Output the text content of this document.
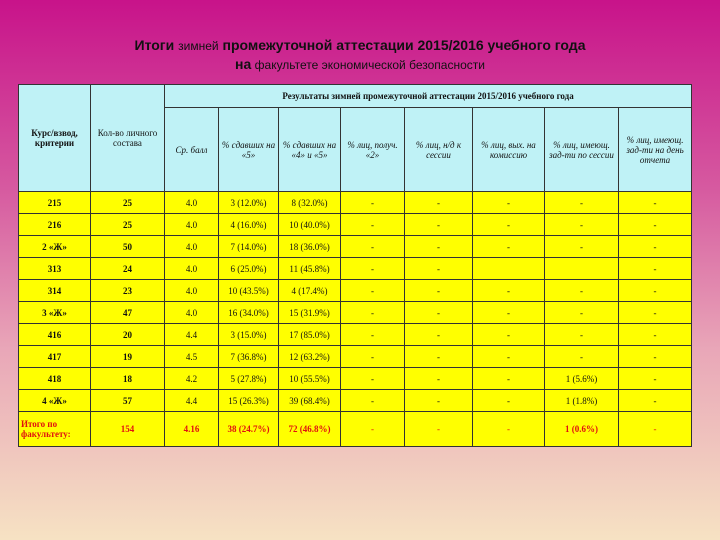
Итоги зимней промежуточной аттестации 2015/2016 учебного года
на факультете экономической безопасности
Курс/взвод, критерии	Кол-во личного состава	Результаты зимней промежуточной аттестации 2015/2016 учебного года							
		Ср. балл	% сдавших на «5»	% сдавших на «4» и «5»	% лиц, получ. «2»	% лиц, н/д к сессии	% лиц, вых. на комиссию	% лиц, имеющ. зад-ти по сессии	% лиц, имеющ. зад-ти на день отчета
215	25	4.0	3 (12.0%)	8 (32.0%)	-	-	-	-	-
216	25	4.0	4 (16.0%)	10 (40.0%)	-	-	-	-	-
2 «Ж»	50	4.0	7 (14.0%)	18 (36.0%)	-	-	-	-	-
313	24	4.0	6 (25.0%)	11 (45.8%)	-	-			-
314	23	4.0	10 (43.5%)	4 (17.4%)	-	-	-	-	-
3 «Ж»	47	4.0	16 (34.0%)	15 (31.9%)	-	-	-	-	-
416	20	4.4	3 (15.0%)	17 (85.0%)	-	-	-	-	-
417	19	4.5	7 (36.8%)	12 (63.2%)	-	-	-	-	-
418	18	4.2	5 (27.8%)	10 (55.5%)	-	-	-	1 (5.6%)	-
4 «Ж»	57	4.4	15 (26.3%)	39 (68.4%)	-	-	-	1 (1.8%)	-
Итого по факультету:	154	4.16	38 (24.7%)	72 (46.8%)	-	-	-	1 (0.6%)	-
